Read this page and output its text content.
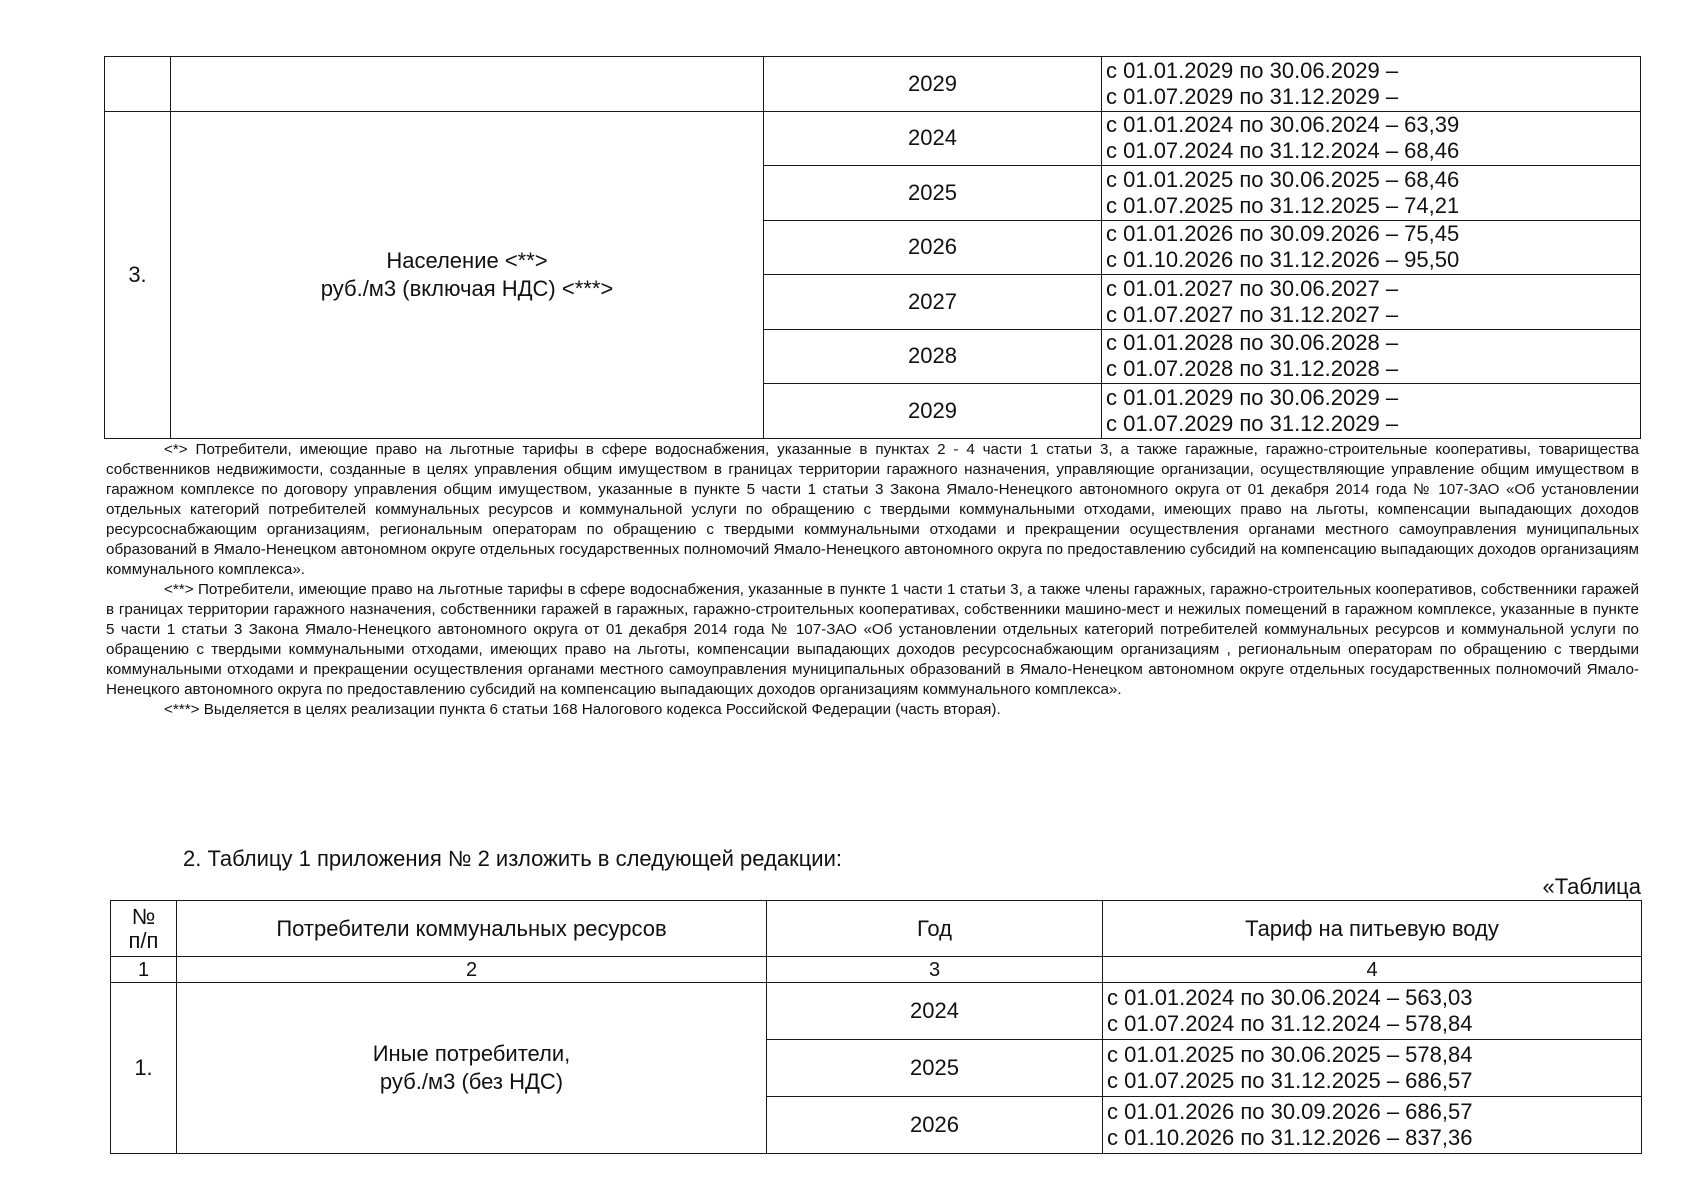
		2029	с 01.01.2029 по 30.06.2029 –
с 01.07.2029 по 31.12.2029 –

3.	Население <**>
руб./м3 (включая НДС) <***>	2024	с 01.01.2024 по 30.06.2024 – 63,39
с 01.07.2024 по 31.12.2024 – 68,46

		2025	с 01.01.2025 по 30.06.2025 – 68,46
с 01.07.2025 по 31.12.2025 – 74,21

		2026	с 01.01.2026 по 30.09.2026 – 75,45
с 01.10.2026 по 31.12.2026 – 95,50

		2027	с 01.01.2027 по 30.06.2027 –
с 01.07.2027 по 31.12.2027 –

		2028	с 01.01.2028 по 30.06.2028 –
с 01.07.2028 по 31.12.2028 –

		2029	с 01.01.2029 по 30.06.2029 –
с 01.07.2029 по 31.12.2029 –

<*> Потребители, имеющие право на льготные тарифы в сфере водоснабжения, указанные в пунктах 2 - 4 части 1 статьи 3, а также гаражные, гаражно-строительные кооперативы, товарищества собственников недвижимости, созданные в целях управления общим имуществом в границах территории гаражного назначения, управляющие организации, осуществляющие управление общим имуществом в гаражном комплексе по договору управления общим имуществом, указанные в пункте 5 части 1 статьи 3 Закона Ямало-Ненецкого автономного округа от 01 декабря 2014 года № 107-ЗАО «Об установлении отдельных категорий потребителей коммунальных ресурсов и коммунальной услуги по обращению с твердыми коммунальными отходами, имеющих право на льготы, компенсации выпадающих доходов ресурсоснабжающим организациям, региональным операторам по обращению с твердыми коммунальными отходами и прекращении осуществления органами местного самоуправления муниципальных образований в Ямало-Ненецком автономном округе отдельных государственных полномочий Ямало-Ненецкого автономного округа по предоставлению субсидий на компенсацию выпадающих доходов организациям коммунального комплекса».

<**> Потребители, имеющие право на льготные тарифы в сфере водоснабжения, указанные в пункте 1 части 1 статьи 3, а также члены гаражных, гаражно-строительных кооперативов, собственники гаражей в границах территории гаражного назначения, собственники гаражей в гаражных, гаражно-строительных кооперативах, собственники машино-мест и нежилых помещений в гаражном комплексе, указанные в пункте 5 части 1 статьи 3 Закона Ямало-Ненецкого автономного округа от 01 декабря 2014 года № 107-ЗАО «Об установлении отдельных категорий потребителей коммунальных ресурсов и коммунальной услуги по обращению с твердыми коммунальными отходами, имеющих право на льготы, компенсации выпадающих доходов ресурсоснабжающим организациям , региональным операторам по обращению с твердыми коммунальными отходами и прекращении осуществления органами местного самоуправления муниципальных образований в Ямало-Ненецком автономном округе отдельных государственных полномочий Ямало-Ненецкого автономного округа по предоставлению субсидий на компенсацию выпадающих доходов организациям коммунального комплекса».

<***> Выделяется в целях реализации пункта 6 статьи 168 Налогового кодекса Российской Федерации (часть вторая).

2. Таблицу 1 приложения № 2 изложить в следующей редакции:
«Таблица
№
п/п	Потребители коммунальных ресурсов	Год	Тариф на питьевую воду
1	2	3	4
1.	Иные потребители,
руб./м3 (без НДС)	2024	с 01.01.2024 по 30.06.2024 – 563,03
с 01.07.2024 по 31.12.2024 – 578,84

		2025	с 01.01.2025 по 30.06.2025 – 578,84
с 01.07.2025 по 31.12.2025 – 686,57

		2026	с 01.01.2026 по 30.09.2026 – 686,57
с 01.10.2026 по 31.12.2026 – 837,36
